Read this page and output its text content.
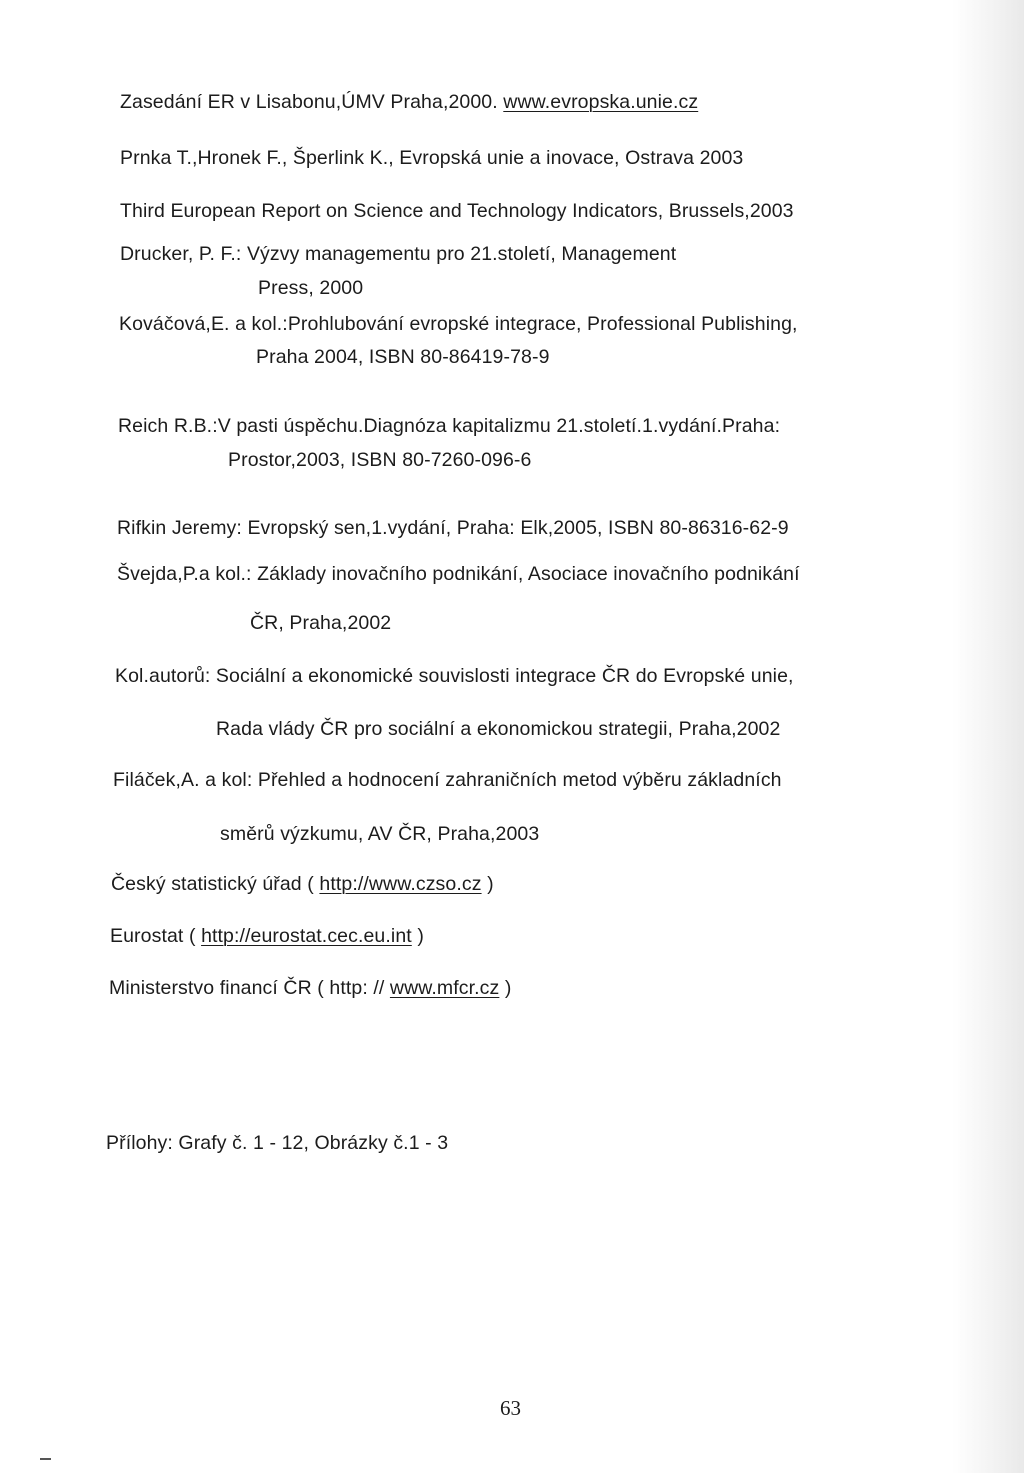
Zasedání ER v Lisabonu,ÚMV Praha,2000. www.evropska.unie.cz
Prnka T.,Hronek F., Šperlink K., Evropská unie a inovace, Ostrava 2003
Third European Report on Science and Technology Indicators, Brussels,2003
Drucker, P. F.: Výzvy managementu pro 21.století, Management
Press, 2000
Kováčová,E. a kol.:Prohlubování evropské integrace, Professional Publishing,
Praha 2004, ISBN 80-86419-78-9
Reich R.B.:V pasti úspěchu.Diagnóza kapitalizmu 21.století.1.vydání.Praha:
Prostor,2003, ISBN 80-7260-096-6
Rifkin Jeremy: Evropský sen,1.vydání, Praha: Elk,2005, ISBN 80-86316-62-9
Švejda,P.a kol.: Základy inovačního podnikání, Asociace inovačního podnikání
ČR, Praha,2002
Kol.autorů: Sociální a ekonomické souvislosti integrace ČR do Evropské unie,
Rada vlády ČR pro sociální a ekonomickou strategii, Praha,2002
Filáček,A. a kol: Přehled a hodnocení zahraničních metod výběru základních
směrů výzkumu, AV ČR, Praha,2003
Český statistický úřad ( http://www.czso.cz )
Eurostat ( http://eurostat.cec.eu.int )
Ministerstvo financí ČR ( http: // www.mfcr.cz )
Přílohy: Grafy č. 1 - 12, Obrázky č.1 - 3
63
